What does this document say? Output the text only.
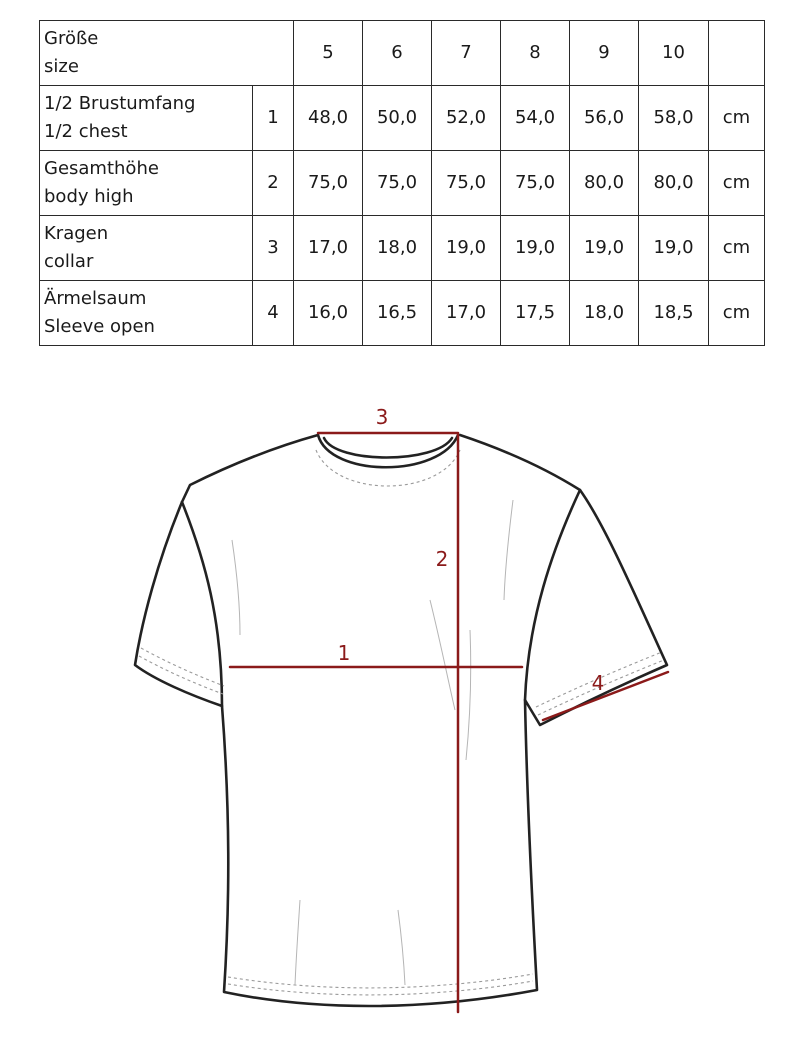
Größe
size		5	6	7	8	9	10	

1/2 Brustumfang
1/2 chest	1	48,0	50,0	52,0	54,0	56,0	58,0	cm

Gesamthöhe
body high	2	75,0	75,0	75,0	75,0	80,0	80,0	cm

Kragen
collar	3	17,0	18,0	19,0	19,0	19,0	19,0	cm

Ärmelsaum
Sleeve open	4	16,0	16,5	17,0	17,5	18,0	18,5	cm
1
2
3
4
